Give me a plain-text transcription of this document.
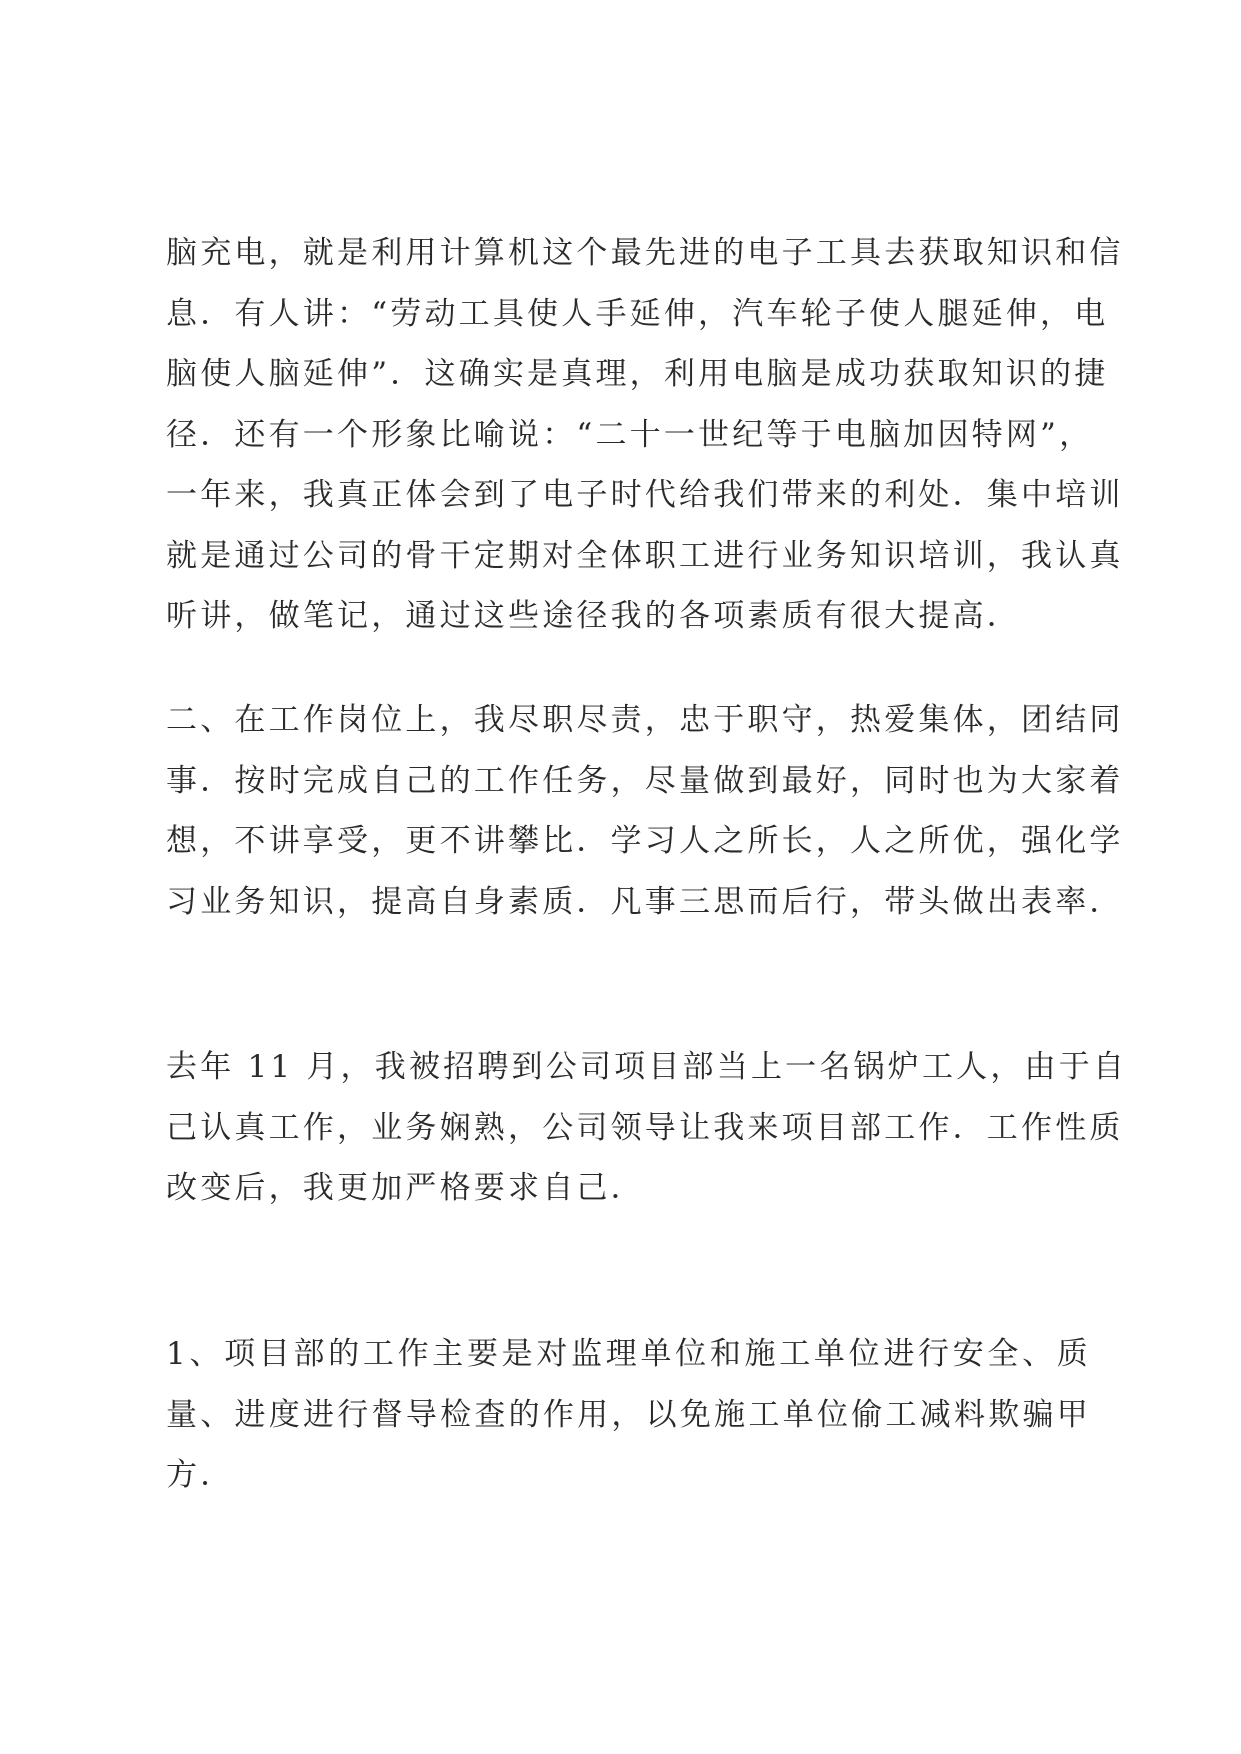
脑充电，就是利用计算机这个最先进的电子工具去获取知识和信
息．有人讲：“劳动工具使人手延伸，汽车轮子使人腿延伸，电
脑使人脑延伸”．这确实是真理，利用电脑是成功获取知识的捷
径．还有一个形象比喻说：“二十一世纪等于电脑加因特网”，
一年来，我真正体会到了电子时代给我们带来的利处．集中培训
就是通过公司的骨干定期对全体职工进行业务知识培训，我认真
听讲，做笔记，通过这些途径我的各项素质有很大提高．
二、在工作岗位上，我尽职尽责，忠于职守，热爱集体，团结同
事．按时完成自己的工作任务，尽量做到最好，同时也为大家着
想，不讲享受，更不讲攀比．学习人之所长，人之所优，强化学
习业务知识，提高自身素质．凡事三思而后行，带头做出表率．
去年 11 月，我被招聘到公司项目部当上一名锅炉工人，由于自
己认真工作，业务娴熟，公司领导让我来项目部工作．工作性质
改变后，我更加严格要求自己．
1、项目部的工作主要是对监理单位和施工单位进行安全、质
量、进度进行督导检查的作用，以免施工单位偷工减料欺骗甲
方．
